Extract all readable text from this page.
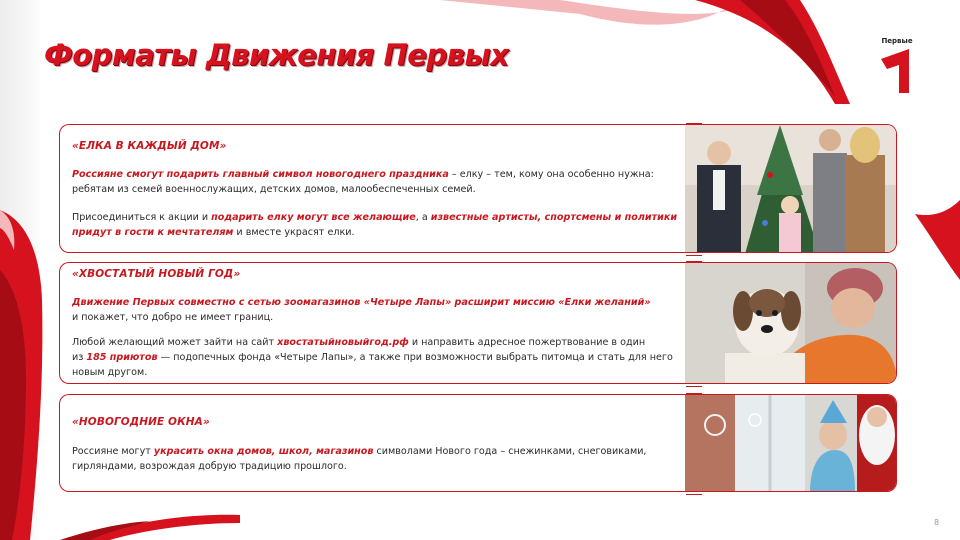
Форматы Движения Первых	Первые
«ЕЛКА В КАЖДЫЙ ДОМ»
Россияне смогут подарить главный символ новогоднего праздника – елку – тем, кому она особенно нужна:
ребятам из семей военнослужащих, детских домов, малообеспеченных семей.
Присоединиться к акции и подарить елку могут все желающие, а известные артисты, спортсмены и политики
придут в гости к мечтателям и вместе украсят елки.
«ХВОСТАТЫЙ НОВЫЙ ГОД»
Движение Первых совместно с сетью зоомагазинов «Четыре Лапы» расширит миссию «Елки желаний»
и покажет, что добро не имеет границ.
Любой желающий может зайти на сайт хвостатыйновыйгод.рф и направить адресное пожертвование в один
из 185 приютов — подопечных фонда «Четыре Лапы», а также при возможности выбрать питомца и стать для него
новым другом.
«НОВОГОДНИЕ ОКНА»
Россияне могут украсить окна домов, школ, магазинов символами Нового года – снежинками, снеговиками,
гирляндами, возрождая добрую традицию прошлого.
8
